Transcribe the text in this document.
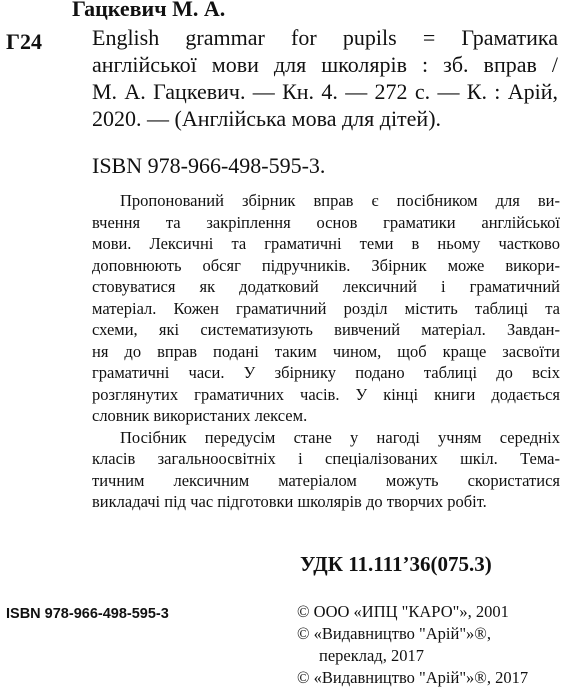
Гацкевич М. А.
Г24 English grammar for pupils = Граматика
англійської мови для школярів : зб. вправ /
М. А. Гацкевич. — Кн. 4. — 272 с. — К. : Арій,
2020. — (Англійська мова для дітей).
ISBN 978-966-498-595-3.
Пропонований збірник вправ є посібником для ви-
вчення та закріплення основ граматики англійської
мови. Лексичні та граматичні теми в ньому частково
доповнюють обсяг підручників. Збірник може викори-
стовуватися як додатковий лексичний і граматичний
матеріал. Кожен граматичний розділ містить таблиці та
схеми, які систематизують вивчений матеріал. Завдан-
ня до вправ подані таким чином, щоб краще засвоїти
граматичні часи. У збірнику подано таблиці до всіх
розглянутих граматичних часів. У кінці книги додається
словник використаних лексем.
Посібник передусім стане у нагоді учням середніх
класів загальноосвітніх і спеціалізованих шкіл. Тема-
тичним лексичним матеріалом можуть скористатися
викладачі під час підготовки школярів до творчих робіт.
УДК 11.111’36(075.3)
ISBN 978-966-498-595-3	© ООО «ИПЦ "КАРО"», 2001
© «Видавництво "Арій"»®,
переклад, 2017
© «Видавництво "Арій"»®, 2017
